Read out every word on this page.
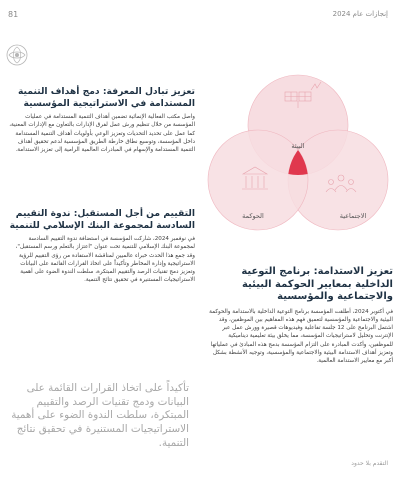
81	إنجازات عام 2024
تعزيز تبادل المعرفة: دمج أهداف التنمية المستدامة في الاستراتيجية المؤسسية
واصل مكتب الفعالية الإنمائية تضمين أهداف التنمية المستدامة في عمليات المؤسسة من خلال تنظيم ورش عمل لفرق الإدارات بالتعاون مع الإدارات المعنية، كما عمل على تحديد التحديات وتعزيز الوعي بأولويات أهداف التنمية المستدامة داخل المؤسسة، وتوسيع نطاق خارطة الطريق المؤسسية لدعم تحقيق أهداف التنمية المستدامة والإسهام في المبادرات العالمية الرامية إلى تعزيز الاستدامة.
التقييم من أجل المستقبل: ندوة التقييم السادسة لمجموعة البنك الإسلامي للتنمية
في نوفمبر 2024، شاركت المؤسسة في استضافة ندوة التقييم السادسة لمجموعة البنك الإسلامي للتنمية تحت عنوان "اعتزاز بالتعلم ورسم المستقبل"، وقد جمع هذا الحدث خبراء عالميين لمناقشة الاستفادة من رؤى التقييم للرؤية الاستراتيجية وإدارة المخاطر وتأكيداً على اتخاذ القرارات القائمة على البيانات وتعزيز دمج تقنيات الرصد والتقييم المبتكرة، سلطت الندوة الضوء على أهمية الاستراتيجيات المستنيرة في تحقيق نتائج التنمية.
تأكيداً على اتخاذ القرارات القائمة على البيانات ودمج تقنيات الرصد والتقييم المبتكرة، سلطت الندوة الضوء على أهمية الاستراتيجيات المستنيرة في تحقيق نتائج التنمية.
البيئة
الاجتماعية
الحوكمة
تعزيز الاستدامة: برنامج التوعية الداخلية بمعايير الحوكمة البيئية والاجتماعية والمؤسسية
في أكتوبر 2024، أطلقت المؤسسة برنامج التوعية الداخلية بالاستدامة والحوكمة البيئية والاجتماعية والمؤسسية لتعميق فهم هذه المفاهيم بين الموظفين، وقد اشتمل البرنامج على 12 جلسة تفاعلية وفيديوهات قصيرة وورش عمل عبر الإنترنت وتحليل لاستراتيجيات المؤسسة، مما يخلق بيئة تعليمية ديناميكية للموظفين، وأكدت المبادرة على التزام المؤسسة بدمج هذه المبادئ في عملياتها وتعزيز أهداف الاستدامة البيئية والاجتماعية والمؤسسية، وتوجيه الأنشطة بشكل أكبر مع معايير الاستدامة العالمية.
التقدم بلا حدود
